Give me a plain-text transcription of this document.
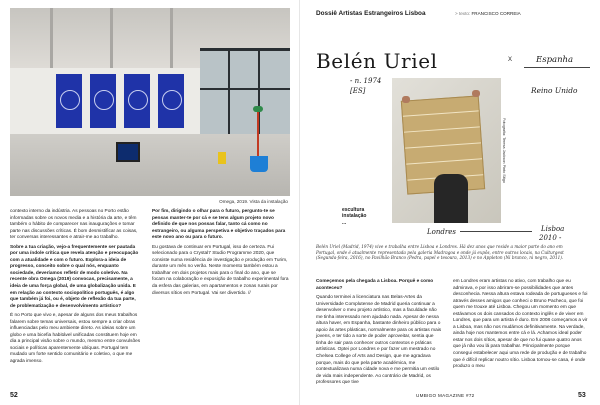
Omega, 2019. Vista da instalação

contexto interno da indústria. As pessoas no Porto estão informadas sobre os novos media e a história da arte, e têm também o hábito de comparecer nas inaugurações e tomar parte nas discussões críticas. É bom desmistificar as coisas, ter conversas interessantes e atrair-me ao trabalho.

Sobre a tua criação, vejo-a frequentemente ser pautada por uma índole crítica que revela atenção e preocupação com a atualidade e com o futuro. Explora-a ideia de progresso, conceito sobre o qual nós, enquanto sociedade, deveríamos refletir de modo coletivo. Na recente obra Omega (2019) convocas, precisamente, a ideia de uma força global, de uma globalização unida. E em relação ao contexto sociopolítico português, é algo que também já foi, ou é, objeto de reflexão da tua parte, de problematização e desenvolvimento artístico?

É no Porto que vivo e, apesar de alguns dos meus trabalhos falarem sobre temas universais, estou sempre a criar obras influenciadas pelo meu ambiente direto. As ideias sobre um globo e uma bicefia habitável unificadas constituem hoje em dia a principal visão sobre o mundo, mesmo entre convulsões sociais e políticas aparentemente ubíquas. Portugal tem mudado um forte sentido comunitário e coletivo, o que me agrada imenso.

Por fim, dirigindo o olhar para o futuro, pergunto-te se pensas manter-te por cá e se tens algum projeto novo definido de que nos possas falar, tanto cá como no estrangeiro, ou alguma perspetiva e objetivo traçados para este novo ano ou para o futuro.

Eu gostava de continuar em Portugal, isso de certeza. Fui selecionado para o Crystal7 Studio Programme 2020, que consiste numa residência de investigação e produção em Turim, durante um mês no verão. Neste momento também estou a trabalhar em dois projetos mais para o final do ano, que se focam na colaboração e exposição de trabalho experimental fora da esfera das galerias, em apartamentos e zonas rurais por diversos sítios em Portugal. Vai ser divertido. //

52
Dossiê Artistas Estrangeiros Lisboa	> texto: FRANCISCO CORREIA
Belén Uriel	X	Espanha
- n. 1974
[ES]	Reino Unido
Fotografia: Teresa Jackson Pinto Sitgo
escultura
instalação
...
Londres	Lisboa
2010 -
Belén Uriel (Madrid, 1974) vive e trabalha entre Lisboa e Londres. Há dez anos que reside a maior parte do ano em Portugal, onde é atualmente representada pela galeria Madragoa e onde já expôs, entre outros locais, na Culturgest (Segunda-feira, 2016), no Pavilhão Branco (Pedra, papel e tesoura, 2013) e no Appleton (Ni branco, ni negro, 2011).

Começemos pela chegada a Lisboa. Porquê e como aconteceu?

Quando terminei a licenciatura nas Belas-Artes da Universidade Complutense de Madrid queria continuar a desenvolver o meu projeto artístico, mas a faculdade não me tinha interessado nem ajudado nada. Apesar de nessa altura haver, em Espanha, bastante dinheiro público para o apoio às artes plásticas, normalmente para os artistas mais jovens, e ter tido a sorte de poder aproveitar, sentia que tinha de sair para conhecer outros contextos e práticas artísticas. Optei por Londres e por fazer um mestrado no Chelsea College of Arts and Design, que me agradava porque, mais do que pela parte académica, me contextualizava numa cidade nova e me permitia um estilo de vida mais independente. Ao contrário de Madrid, os professores que tive

em Londres eram artistas no ativo, com trabalho que eu admirava, e por isso abriram-se possibilidades que antes desconhecia. Nessa altura estava rodeada de portugueses e foi através desses amigos que conheci o Bruno Pacheco, que foi quem me trouxe até Lisboa. Chegou um momento em que estávamos os dois cansados do contexto inglês e de viver em Londres, que para um artista é duro. Em 2008 começamos a vir a Lisboa, mas não nos mudámos definitivamente. Na verdade, ainda hoje nos mantemos entre cá e lá. Achamos ideal poder estar nos dois sítios, apesar de que no fui quase quatro anos que já não vou lá para trabalhar. Principalmente porque consegui estabelecer aqui uma rede de produção e de trabalho que é difícil replicar noutro sítio. Lisboa tornou-se casa, é onde produzo o meu

UMBIGO MAGAZINE #72	53
